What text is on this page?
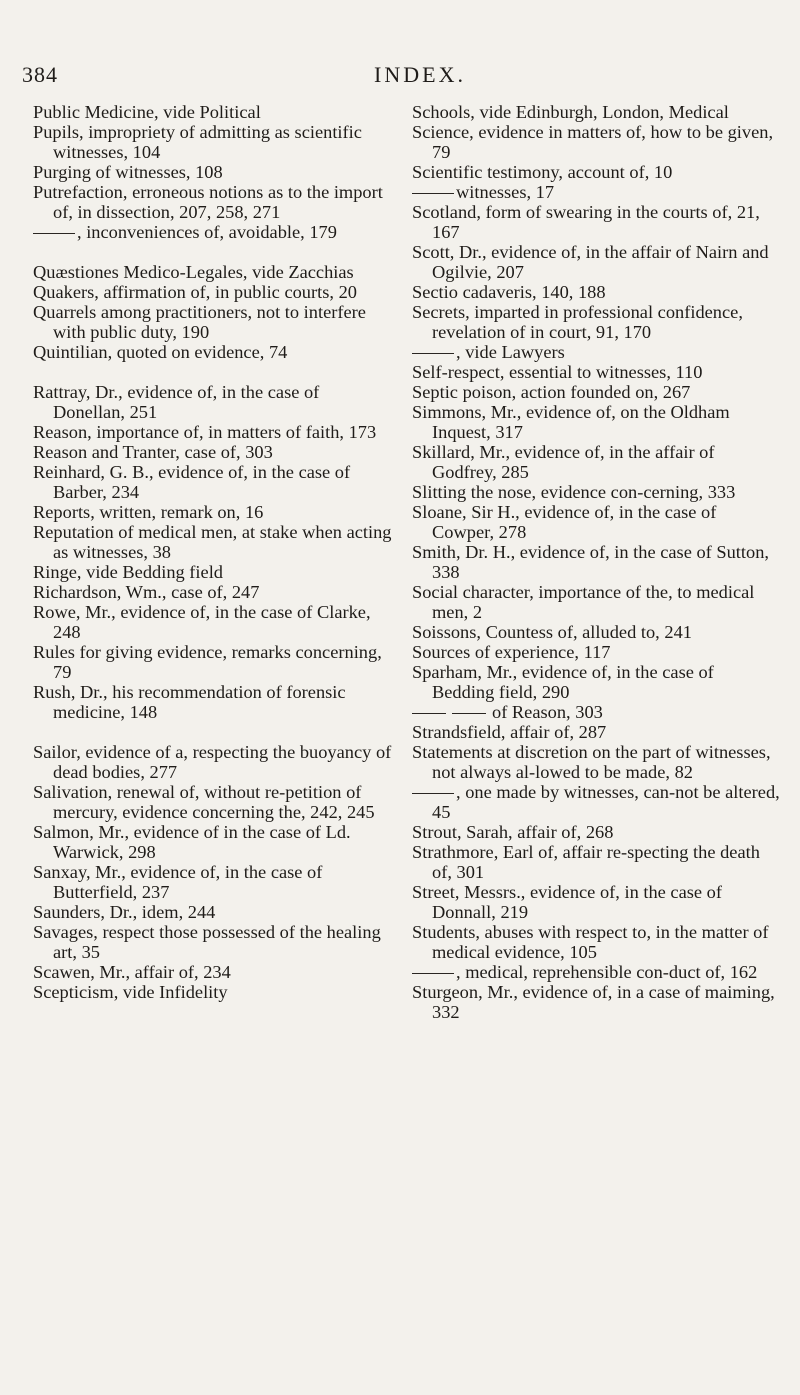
384	INDEX.

Public Medicine, vide Political

Pupils, impropriety of admitting as scientific witnesses, 104

Purging of witnesses, 108

Putrefaction, erroneous notions as to the import of, in dissection, 207, 258, 271

, inconveniences of, avoidable, 179

Quæstiones Medico-Legales, vide Zacchias

Quakers, affirmation of, in public courts, 20

Quarrels among practitioners, not to interfere with public duty, 190

Quintilian, quoted on evidence, 74

Rattray, Dr., evidence of, in the case of Donellan, 251

Reason, importance of, in matters of faith, 173

Reason and Tranter, case of, 303

Reinhard, G. B., evidence of, in the case of Barber, 234

Reports, written, remark on, 16

Reputation of medical men, at stake when acting as witnesses, 38

Ringe, vide Bedding field

Richardson, Wm., case of, 247

Rowe, Mr., evidence of, in the case of Clarke, 248

Rules for giving evidence, remarks concerning, 79

Rush, Dr., his recommendation of forensic medicine, 148

Sailor, evidence of a, respecting the buoyancy of dead bodies, 277

Salivation, renewal of, without re-petition of mercury, evidence concerning the, 242, 245

Salmon, Mr., evidence of in the case of Ld. Warwick, 298

Sanxay, Mr., evidence of, in the case of Butterfield, 237

Saunders, Dr., idem, 244

Savages, respect those possessed of the healing art, 35

Scawen, Mr., affair of, 234

Scepticism, vide Infidelity

Schools, vide Edinburgh, London, Medical

Science, evidence in matters of, how to be given, 79

Scientific testimony, account of, 10

witnesses, 17

Scotland, form of swearing in the courts of, 21, 167

Scott, Dr., evidence of, in the affair of Nairn and Ogilvie, 207

Sectio cadaveris, 140, 188

Secrets, imparted in professional confidence, revelation of in court, 91, 170

, vide Lawyers

Self-respect, essential to witnesses, 110

Septic poison, action founded on, 267

Simmons, Mr., evidence of, on the Oldham Inquest, 317

Skillard, Mr., evidence of, in the affair of Godfrey, 285

Slitting the nose, evidence con-cerning, 333

Sloane, Sir H., evidence of, in the case of Cowper, 278

Smith, Dr. H., evidence of, in the case of Sutton, 338

Social character, importance of the, to medical men, 2

Soissons, Countess of, alluded to, 241

Sources of experience, 117

Sparham, Mr., evidence of, in the case of Bedding field, 290

of Reason, 303

Strandsfield, affair of, 287

Statements at discretion on the part of witnesses, not always al-lowed to be made, 82

, one made by witnesses, can-not be altered, 45

Strout, Sarah, affair of, 268

Strathmore, Earl of, affair re-specting the death of, 301

Street, Messrs., evidence of, in the case of Donnall, 219

Students, abuses with respect to, in the matter of medical evidence, 105

, medical, reprehensible con-duct of, 162

Sturgeon, Mr., evidence of, in a case of maiming, 332
